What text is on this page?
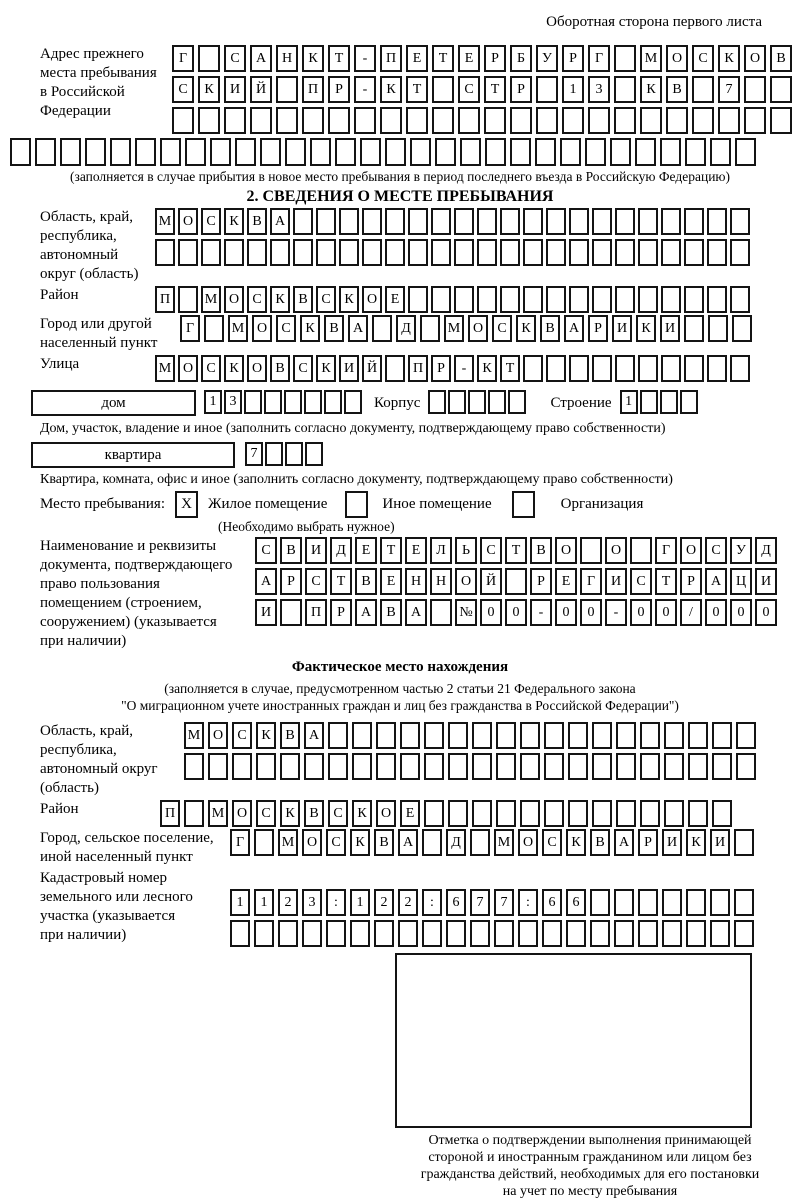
Оборотная сторона первого листа
Адрес прежнего
места пребывания
в Российской
Федерации
Г	С	А	Н	К	Т	-	П	Е	Т	Е	Р	Б	У	Р	Г	М	О	С	К	О	В
С	К	И	Й	П	Р	-	К	Т	С	Т	Р	1	3	К	В	7
(заполняется в случае прибытия в новое место пребывания в период последнего въезда в Российскую Федерацию)
2. СВЕДЕНИЯ О МЕСТЕ ПРЕБЫВАНИЯ
Область, край,
республика,
автономный
округ (область)
М О С К В А
Район	П	М О С К В С К О Е
Город или другой
населенный пункт
Г	М О	С	К	В	А	Д	М О	С	К	В	А	Р	И	К	И
Улица	М О С К О В С К И Й	П	Р	-	К	Т
дом	1 3	Корпус	Строение 1
Дом, участок, владение и иное (заполнить согласно документу, подтверждающему право собственности)
квартира	7
Квартира, комната, офис и иное (заполнить согласно документу, подтверждающему право собственности)
Место пребывания:	X	Жилое помещение	Иное помещение	Организация
(Необходимо выбрать нужное)
Наименование и реквизиты
документа, подтверждающего
право пользования
помещением (строением,
сооружением) (указывается
при наличии)
С	В	И	Д	Е	Т	Е	Л	Ь	С	Т	В	О	О	Г	О	С	У	Д
А	Р	С	Т	В	Е	Н	Н	О	Й	Р	Е	Г	И	С	Т	Р	А	Ц	И
И	П	Р	А	В	А	№	0	0	-	0	0	-	0	0	/	0	0	0
Фактическое место нахождения
(заполняется в случае, предусмотренном частью 2 статьи 21 Федерального закона
"О миграционном учете иностранных граждан и лиц без гражданства в Российской Федерации")
Область, край,
республика,
автономный округ
(область)
М О	С	К	В	А
Район	П	М О	С	К	В	С	К	О	Е
Город, сельское поселение,
иной населенный пункт
Г	М О	С	К	В	А	Д	М О	С	К	В	А	Р	И	К	И
Кадастровый номер
земельного или лесного
участка (указывается
при наличии)
1	1	2	3	:	1	2	2	:	6	7	7	:	6	6
Отметка о подтверждении выполнения принимающей
стороной и иностранным гражданином или лицом без
гражданства действий, необходимых для его постановки
на учет по месту пребывания
